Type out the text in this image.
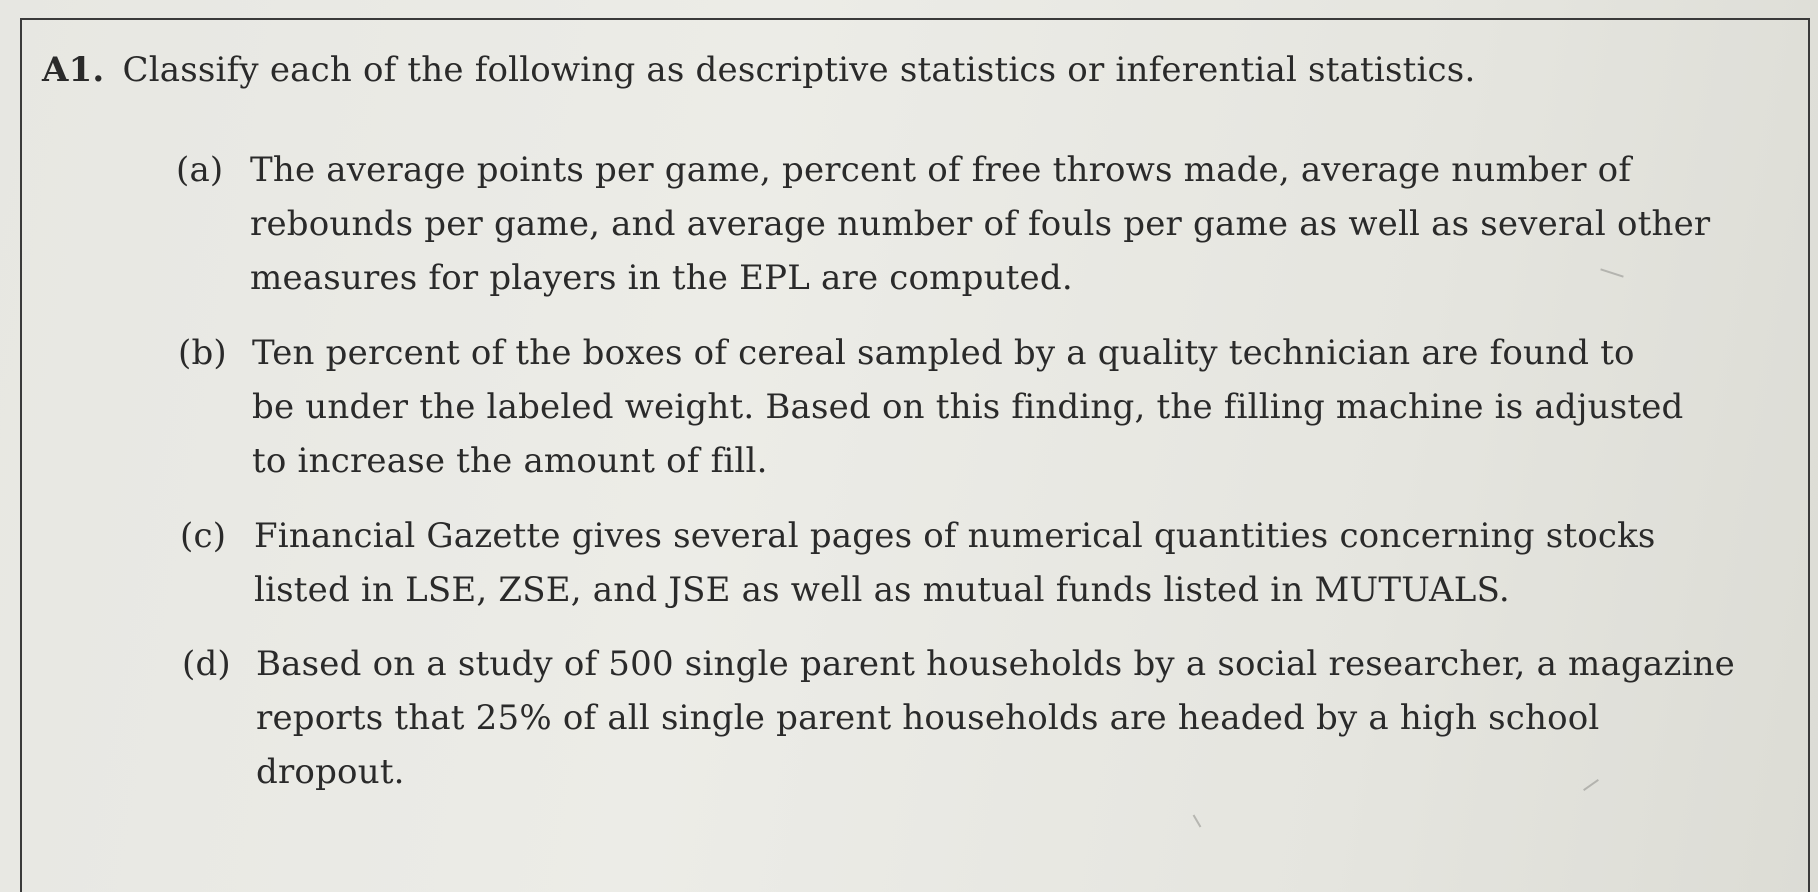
A1. Classify each of the following as descriptive statistics or inferential statistics.
(a) The average points per game, percent of free throws made, average number of
rebounds per game, and average number of fouls per game as well as several other
measures for players in the EPL are computed.
(b) Ten percent of the boxes of cereal sampled by a quality technician are found to
be under the labeled weight. Based on this finding, the filling machine is adjusted
to increase the amount of fill.
(c) Financial Gazette gives several pages of numerical quantities concerning stocks
listed in LSE, ZSE, and JSE as well as mutual funds listed in MUTUALS.
(d) Based on a study of 500 single parent households by a social researcher, a magazine
reports that 25% of all single parent households are headed by a high school
dropout.
